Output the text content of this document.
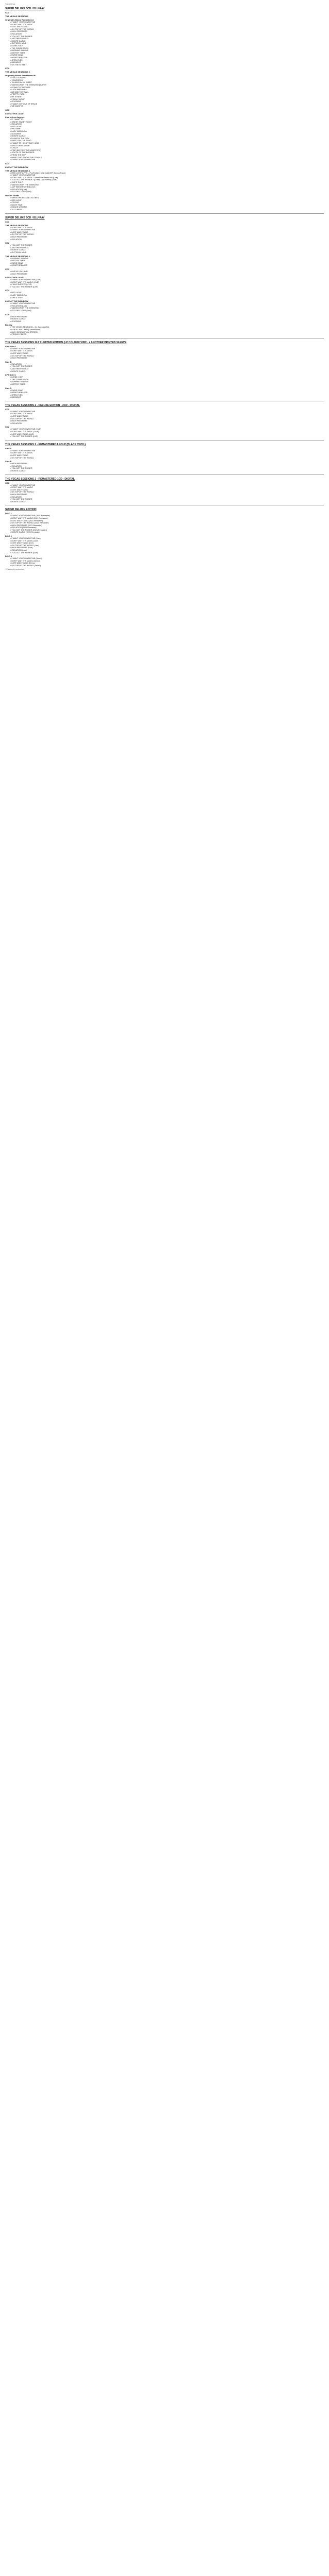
Tracklistings
SUPER DELUXE 5CD / BLU-RAY
CD1
THE VEGAS SESSIONS
Originally Mixed Remastered
• I WANT YOU TO WANT ME
• DON'T WAIT IT'S MAGIC
• LOST AND FOUND
• ON TOP OF THE WORLD
• HIGH PRESSURE
• ISOLATION
• YOU GOT THE POWER
• ANOTHER WORLD
• MONTE CARLO
• OUTTA MY MIND
• LONELY BOY
• THE CONFESSION
• BURNING IN LOVE
• BETTER TIMES
• PARIS SONG
• HEART BREAKER
• OPEN EYES
• MIDNIGHT
• ON THE STREET
CD2
THE VEGAS SESSIONS 2
Originally Mixed Remastered B
• I WILL SURVIVE
• TOMORROW
• TALKING IN MY SLEEP
• WAITING FOR THE WEEKEND (SUPER
• DOWN TO THE WIRE
• LADY MADONNA
• BEHIND THE WALL
• PRETTY FACE
• MY STREET
• FRIDAY NIGHT
• GOODBYE
• I WANT GOT OUT OF SPACE
• WE WANT IT
CD3
LIVE AT HOLLAND
Live in Los Angeles
• IF I WANT TO
• SWEET SWEET NIGHT
• ISOLATION
• RED LIGHT
• I'M A MAN
• LADY MADONNA
• GOODBYE
• MONTE CARLO
• LIVING IN THE CITY
• PARTY ON THE ROAD
• I WANT TO HOLD YOUR HAND
• ONCE UPON A TIME
• CRAZY
• FIRE (BEFORE THE MONSTERS)
• SOUTH OF THE BORDER
• FROM THE TOP
• HAND THAT ROCKS THE CRADLE
• I WANT YOU TO WANT ME
CD4
LIVE AT THE RAINBOW
THE VEGAS SESSIONS 4
• RED LIGHT (LIVE) – PLUS (Jam) MINI DANCER (Bonus Track)
• I WANT YOU TO WANT ME
• DON'T WAIT IT'S MAGIC / Wishbone Remix Mix (Live)
• YOU GOT THE POWER / (Cheap Trick Remix) (Live)
• SHE'S TIGHT
• WAITING FOR THE WEEKEND
• AUF WIEDERSEHEN (Live)
• ISOLATION (Live)
• IT'S ONLY LOVE (Live)
Gibson Guitar
• WHEN THE ROLLING STONES
• RED LIGHT
• CRYING
• NIGHT TIME
• DANCE WITH ME
• ALL I WANT
SUPER DELUXE 5CD / BLU-RAY
CD1
THE VEGAS SESSIONS
• DON'T WAIT IT'S MAGIC
• I WANT YOU TO WANT ME
• LOST AND FOUND
• ON TOP OF THE WORLD
• HIGH PRESSURE
• ISOLATION
CD2
• YOU GOT THE POWER
• ANOTHER WORLD
• MONTE CARLO
• OUTTA MY MIND
THE VEGAS SESSIONS 2
• BURNING IN LOVE
• BETTER TIMES
• PARIS SONG
• HEART BREAKER
CD3
• LIVE IN HOLLAND
• HIGH PRESSURE
LIVE AT HOLLAND
• I WANT YOU TO WANT ME (LIVE)
• DON'T WAIT IT'S MAGIC (LIVE)
• I WILL SURVIVE (LIVE)
• YOU GOT THE POWER (LIVE)
CD4
• RED LIGHT
• LADY MADONNA
• SHE'S TIGHT
LIVE AT THE RAINBOW
• I WANT YOU TO WANT ME
• ISOLATION (Live)
• WAITING FOR THE WEEKEND
• IT'S ONLY LOVE (Live)
CD5
• HIGH PRESSURE
• MONTE CARLO
• GOODBYE
Blu-ray
• THE VEGAS SESSIONS – 5.1 Surround Mix
• LIVE AT HOLLAND (Concert Film)
• HIGH RESOLUTION STEREO
• PROMO VIDEOS
THE VEGAS SESSIONS 2LP / LIMITED EDITION (LP COLOUR VINYL + ANOTHER PRINTED SLEEVE
LP1 Side A
• I WANT YOU TO WANT ME
• DON'T WAIT IT'S MAGIC
• LOST AND FOUND
• ON TOP OF THE WORLD
• HIGH PRESSURE
Side B
• ISOLATION
• YOU GOT THE POWER
• ANOTHER WORLD
• MONTE CARLO
LP2 Side C
• LONELY BOY
• THE CONFESSION
• BURNING IN LOVE
• BETTER TIMES
Side D
• PARIS SONG
• HEART BREAKER
• OPEN EYES
• MIDNIGHT
THE VEGAS SESSIONS 2 - DELUXE EDITION - 2CD - DIGITAL
CD1
• I WANT YOU TO WANT ME
• DON'T WAIT IT'S MAGIC
• LOST AND FOUND
• ON TOP OF THE WORLD
• HIGH PRESSURE
• ISOLATION
CD2
• I WANT YOU TO WANT ME (LIVE)
• DON'T WAIT IT'S MAGIC (LIVE)
• LOST AND FOUND (LIVE)
• YOU GOT THE POWER (LIVE)
THE VEGAS SESSIONS 2 - REMASTERED LP/1LP (BLACK VINYL)
Side A
• I WANT YOU TO WANT ME
• DON'T WAIT IT'S MAGIC
• LOST AND FOUND
• ON TOP OF THE WORLD
Side B
• HIGH PRESSURE
• ISOLATION
• YOU GOT THE POWER
• MONTE CARLO
THE VEGAS SESSIONS 2 - REMASTERED 1CD - DIGITAL
CD1
• I WANT YOU TO WANT ME
• DON'T WAIT IT'S MAGIC
• LOST AND FOUND
• ON TOP OF THE WORLD
• HIGH PRESSURE
• ISOLATION
• YOU GOT THE POWER
• MONTE CARLO
SUPER DELUXE EDITION
DISC 1
• I WANT YOU TO WANT ME (2021 Remaster)
• DON'T WAIT IT'S MAGIC (2021 Remaster)
• LOST AND FOUND (2021 Remaster)
• ON TOP OF THE WORLD (2021 Remaster)
• HIGH PRESSURE (2021 Remaster)
• ISOLATION (2021 Remaster)
• YOU GOT THE POWER (2021 Remaster)
• MONTE CARLO (2021 Remaster)
DISC 2
• I WANT YOU TO WANT ME (Live)
• DON'T WAIT IT'S MAGIC (Live)
• LOST AND FOUND (Live)
• ON TOP OF THE WORLD (Live)
• HIGH PRESSURE (Live)
• ISOLATION (Live)
• YOU GOT THE POWER (Live)
DISC 3
• I WANT YOU TO WANT ME (Demo)
• DON'T WAIT IT'S MAGIC (Demo)
• LOST AND FOUND (Demo)
• ON TOP OF THE WORLD (Demo)
* Previously unreleased
